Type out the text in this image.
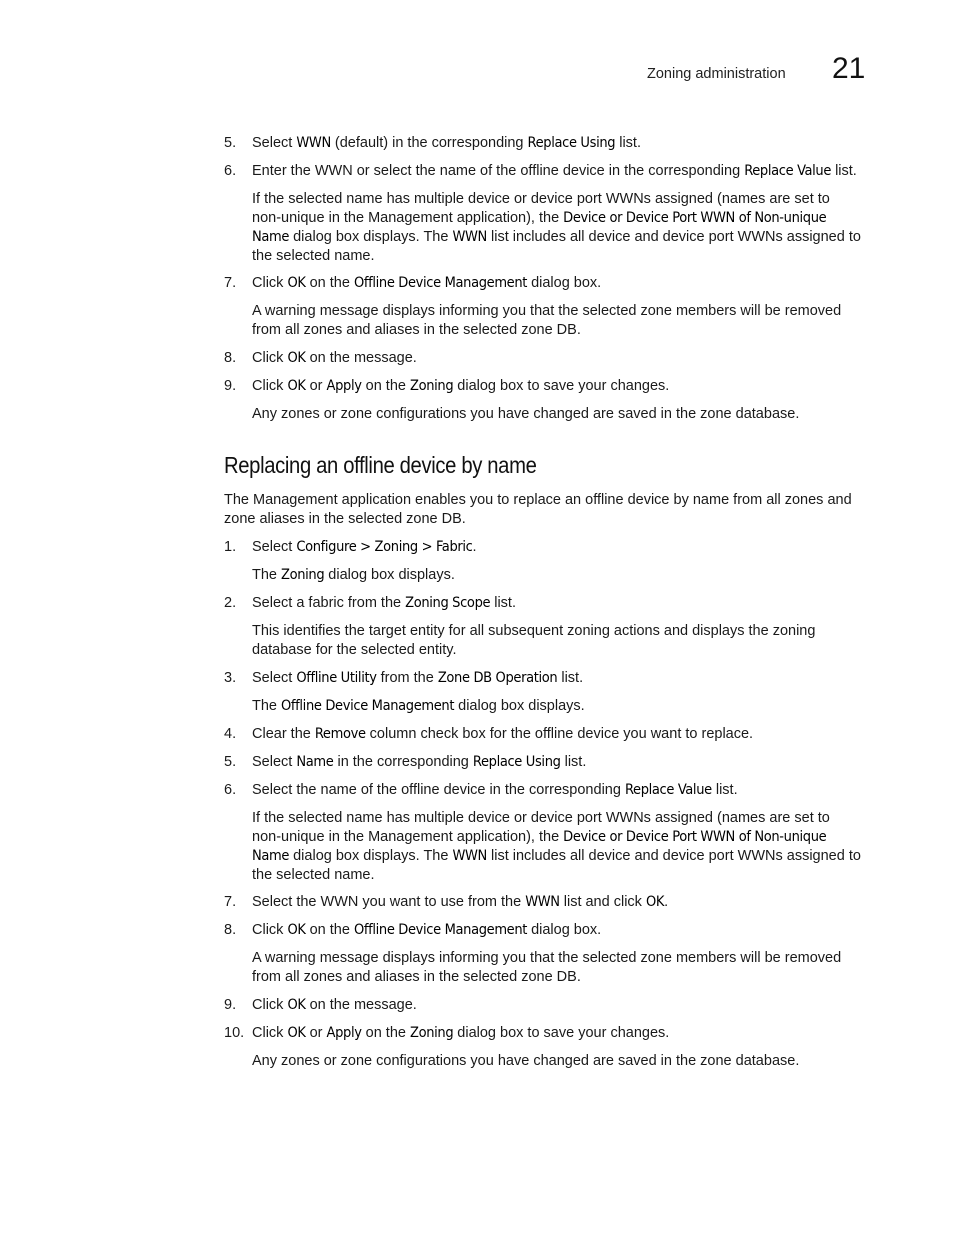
Zoning administration 21
5. Select WWN (default) in the corresponding Replace Using list.
6. Enter the WWN or select the name of the offline device in the corresponding Replace Value list.
If the selected name has multiple device or device port WWNs assigned (names are set to
non-unique in the Management application), the Device or Device Port WWN of Non-unique
Name dialog box displays. The WWN list includes all device and device port WWNs assigned to
the selected name.
7. Click OK on the Offline Device Management dialog box.
A warning message displays informing you that the selected zone members will be removed
from all zones and aliases in the selected zone DB.
8. Click OK on the message.
9. Click OK or Apply on the Zoning dialog box to save your changes.
Any zones or zone configurations you have changed are saved in the zone database.
Replacing an offline device by name
The Management application enables you to replace an offline device by name from all zones and
zone aliases in the selected zone DB.
1. Select Configure > Zoning > Fabric.
The Zoning dialog box displays.
2. Select a fabric from the Zoning Scope list.
This identifies the target entity for all subsequent zoning actions and displays the zoning
database for the selected entity.
3. Select Offline Utility from the Zone DB Operation list.
The Offline Device Management dialog box displays.
4. Clear the Remove column check box for the offline device you want to replace.
5. Select Name in the corresponding Replace Using list.
6. Select the name of the offline device in the corresponding Replace Value list.
If the selected name has multiple device or device port WWNs assigned (names are set to
non-unique in the Management application), the Device or Device Port WWN of Non-unique
Name dialog box displays. The WWN list includes all device and device port WWNs assigned to
the selected name.
7. Select the WWN you want to use from the WWN list and click OK.
8. Click OK on the Offline Device Management dialog box.
A warning message displays informing you that the selected zone members will be removed
from all zones and aliases in the selected zone DB.
9. Click OK on the message.
10. Click OK or Apply on the Zoning dialog box to save your changes.
Any zones or zone configurations you have changed are saved in the zone database.
